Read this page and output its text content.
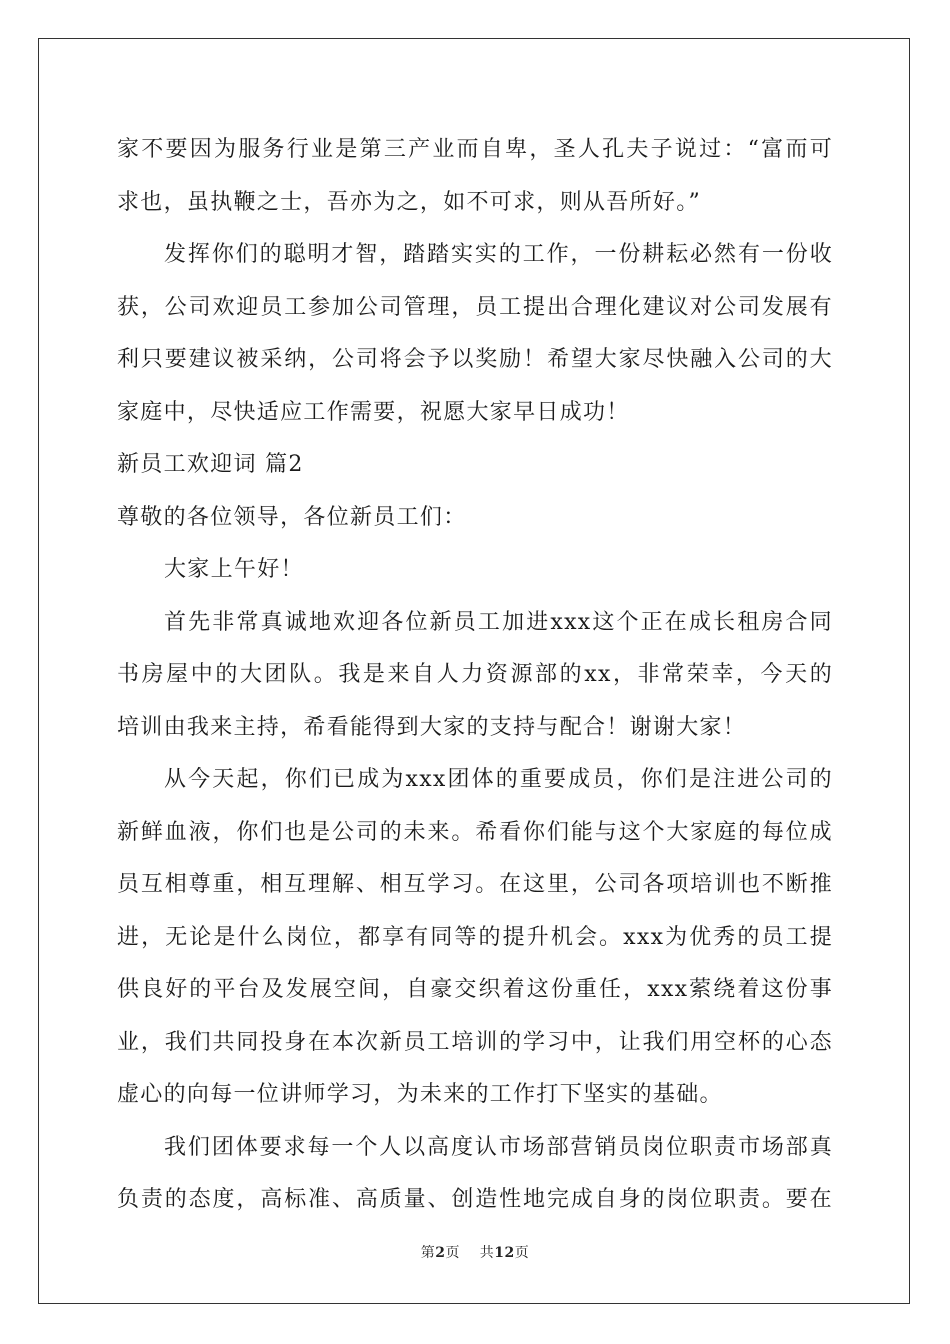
家不要因为服务行业是第三产业而自卑，圣人孔夫子说过：“富而可
求也，虽执鞭之士，吾亦为之，如不可求，则从吾所好。”
发挥你们的聪明才智，踏踏实实的工作，一份耕耘必然有一份收
获，公司欢迎员工参加公司管理，员工提出合理化建议对公司发展有
利只要建议被采纳，公司将会予以奖励！希望大家尽快融入公司的大
家庭中，尽快适应工作需要，祝愿大家早日成功！
新员工欢迎词 篇2
尊敬的各位领导，各位新员工们：
大家上午好！
首先非常真诚地欢迎各位新员工加进xxx这个正在成长租房合同
书房屋中的大团队。我是来自人力资源部的xx，非常荣幸，今天的
培训由我来主持，希看能得到大家的支持与配合！谢谢大家！
从今天起，你们已成为xxx团体的重要成员，你们是注进公司的
新鲜血液，你们也是公司的未来。希看你们能与这个大家庭的每位成
员互相尊重，相互理解、相互学习。在这里，公司各项培训也不断推
进，无论是什么岗位，都享有同等的提升机会。xxx为优秀的员工提
供良好的平台及发展空间，自豪交织着这份重任，xxx萦绕着这份事
业，我们共同投身在本次新员工培训的学习中，让我们用空杯的心态
虚心的向每一位讲师学习，为未来的工作打下坚实的基础。
我们团体要求每一个人以高度认市场部营销员岗位职责市场部真
负责的态度，高标准、高质量、创造性地完成自身的岗位职责。要在
第2页    共12页
